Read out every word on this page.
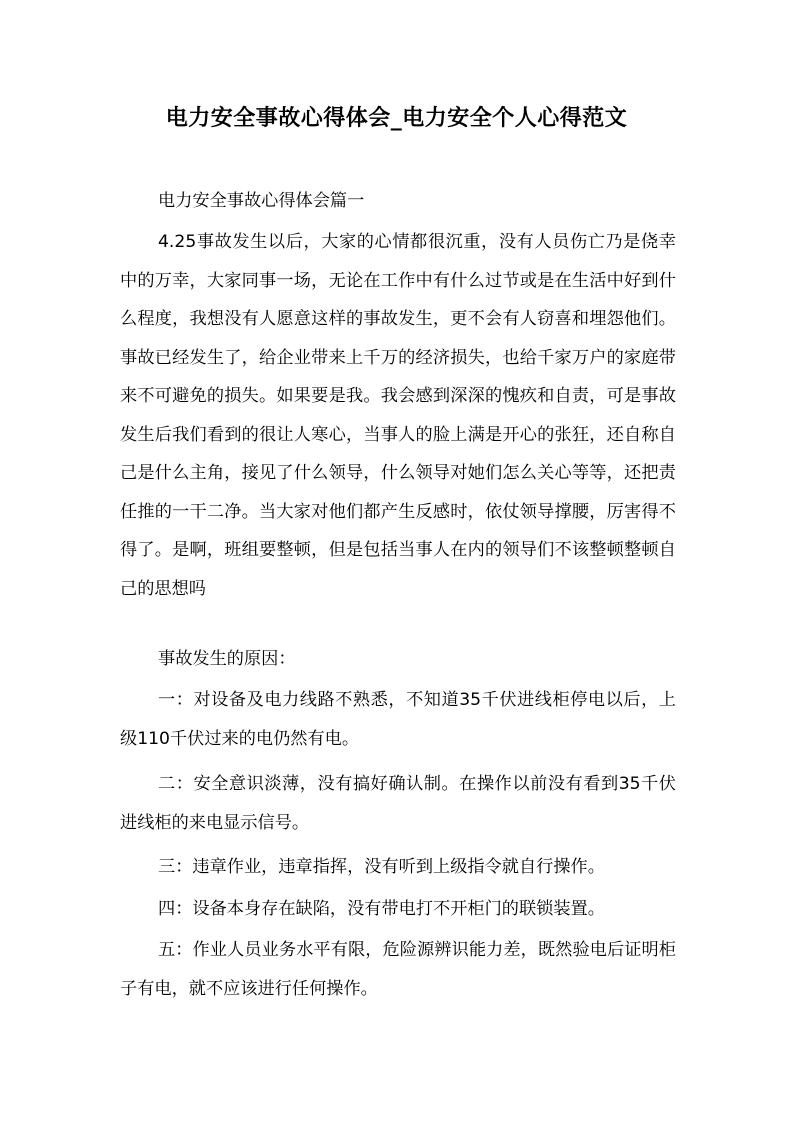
电力安全事故心得体会_电力安全个人心得范文

电力安全事故心得体会篇一

4.25事故发生以后，大家的心情都很沉重，没有人员伤亡乃是侥幸中的万幸，大家同事一场，无论在工作中有什么过节或是在生活中好到什么程度，我想没有人愿意这样的事故发生，更不会有人窃喜和埋怨他们。事故已经发生了，给企业带来上千万的经济损失，也给千家万户的家庭带来不可避免的损失。如果要是我。我会感到深深的愧疚和自责，可是事故发生后我们看到的很让人寒心，当事人的脸上满是开心的张狂，还自称自己是什么主角，接见了什么领导，什么领导对她们怎么关心等等，还把责任推的一干二净。当大家对他们都产生反感时，依仗领导撑腰，厉害得不得了。是啊，班组要整顿，但是包括当事人在内的领导们不该整顿整顿自己的思想吗

事故发生的原因：

一：对设备及电力线路不熟悉，不知道35千伏进线柜停电以后，上级110千伏过来的电仍然有电。

二：安全意识淡薄，没有搞好确认制。在操作以前没有看到35千伏进线柜的来电显示信号。

三：违章作业，违章指挥，没有听到上级指令就自行操作。

四：设备本身存在缺陷，没有带电打不开柜门的联锁装置。

五：作业人员业务水平有限，危险源辨识能力差，既然验电后证明柜子有电，就不应该进行任何操作。
